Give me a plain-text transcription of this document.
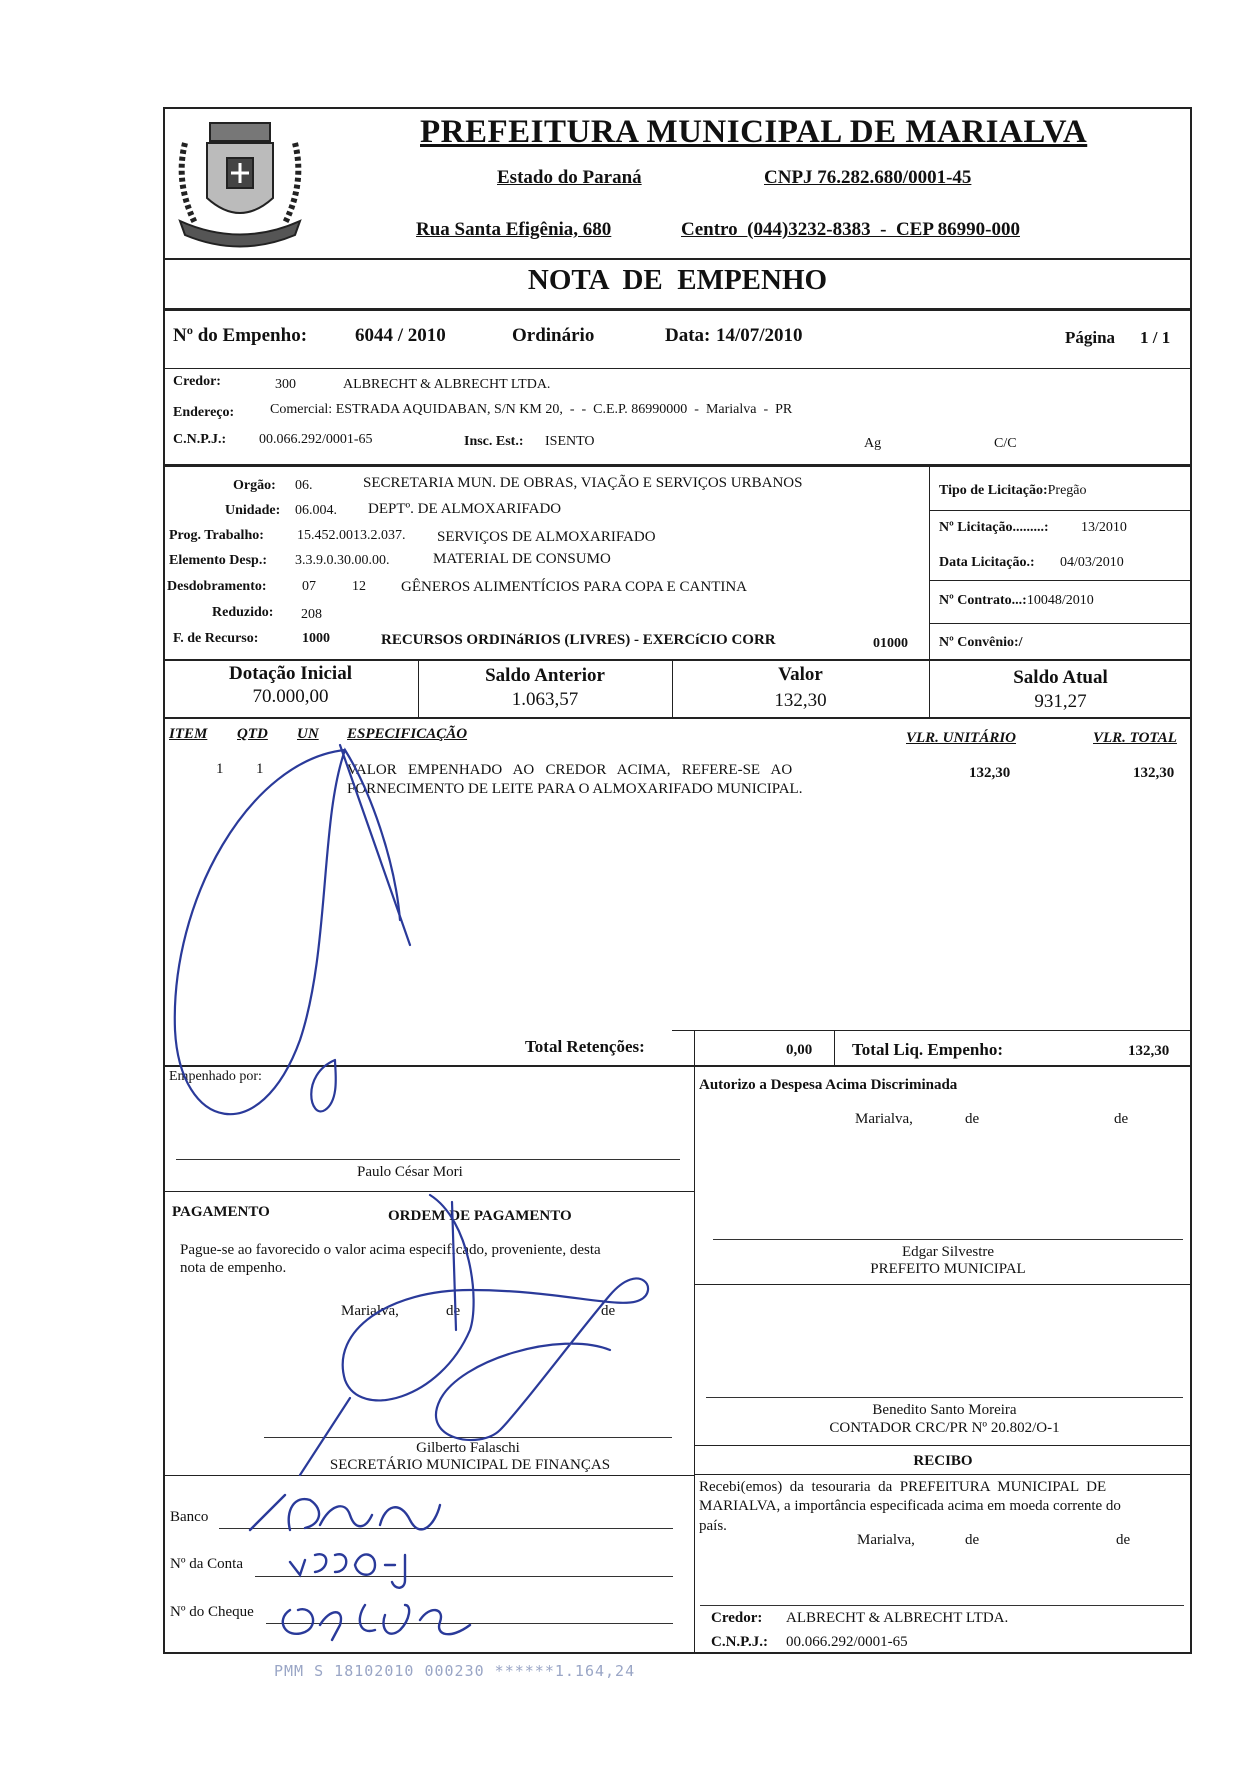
PREFEITURA MUNICIPAL DE MARIALVA
Estado do Paraná	CNPJ 76.282.680/0001-45
Rua Santa Efigênia, 680	Centro  (044)3232-8383  -  CEP 86990-000
NOTA  DE  EMPENHO
Nº do Empenho:	6044 / 2010	Ordinário	Data: 14/07/2010	Página 1 / 1
Credor:	300	ALBRECHT & ALBRECHT LTDA.
Endereço:	Comercial: ESTRADA AQUIDABAN, S/N KM 20,  -  -  C.E.P. 86990000  -  Marialva  -  PR
C.N.P.J.: 00.066.292/0001-65	Insc. Est.: ISENTO	Ag	C/C
Orgão: 06.	SECRETARIA MUN. DE OBRAS, VIAÇÃO E SERVIÇOS URBANOS
Unidade: 06.004. DEPTº. DE ALMOXARIFADO
Prog. Trabalho: 15.452.0013.2.037. SERVIÇOS DE ALMOXARIFADO
Elemento Desp.: 3.3.9.0.30.00.00.	MATERIAL DE CONSUMO
Desdobramento:	07	12 GÊNEROS ALIMENTÍCIOS PARA COPA E CANTINA
Reduzido: 208
F. de Recurso:	1000	RECURSOS ORDINáRIOS (LIVRES) - EXERCíCIO CORR	01000
Tipo de Licitação:Pregão
Nº Licitação.........: 13/2010
Data Licitação.: 04/03/2010
Nº Contrato...:10048/2010
Nº Convênio:/
Dotação Inicial
70.000,00
Saldo Anterior
1.063,57
Valor
132,30
Saldo Atual
931,27
ITEM QTD UN ESPECIFICAÇÃO	VLR. UNITÁRIO	VLR. TOTAL
1 1	VALOR   EMPENHADO   AO   CREDOR   ACIMA,   REFERE-SE   AO
FORNECIMENTO DE LEITE PARA O ALMOXARIFADO MUNICIPAL.
132,30	132,30
Total Retenções:	0,00 Total Liq. Empenho:	132,30
Empenhado por:
Paulo César Mori
Autorizo a Despesa Acima Discriminada
Marialva,	de	de
Edgar Silvestre
PREFEITO MUNICIPAL
PAGAMENTO	ORDEM DE PAGAMENTO
Pague-se ao favorecido o valor acima especificado, proveniente, desta
nota de empenho.
Marialva,	de	de
Gilberto Falaschi
SECRETÁRIO MUNICIPAL DE FINANÇAS
Banco
Nº da Conta
Nº do Cheque
Benedito Santo Moreira
CONTADOR CRC/PR Nº 20.802/O-1
RECIBO
Recebi(emos)  da  tesouraria  da  PREFEITURA  MUNICIPAL  DE
MARIALVA, a importância especificada acima em moeda corrente do
país.
Marialva,	de	de
Credor: ALBRECHT & ALBRECHT LTDA.
C.N.P.J.: 00.066.292/0001-65
PMM S 18102010 000230 ******1.164,24
